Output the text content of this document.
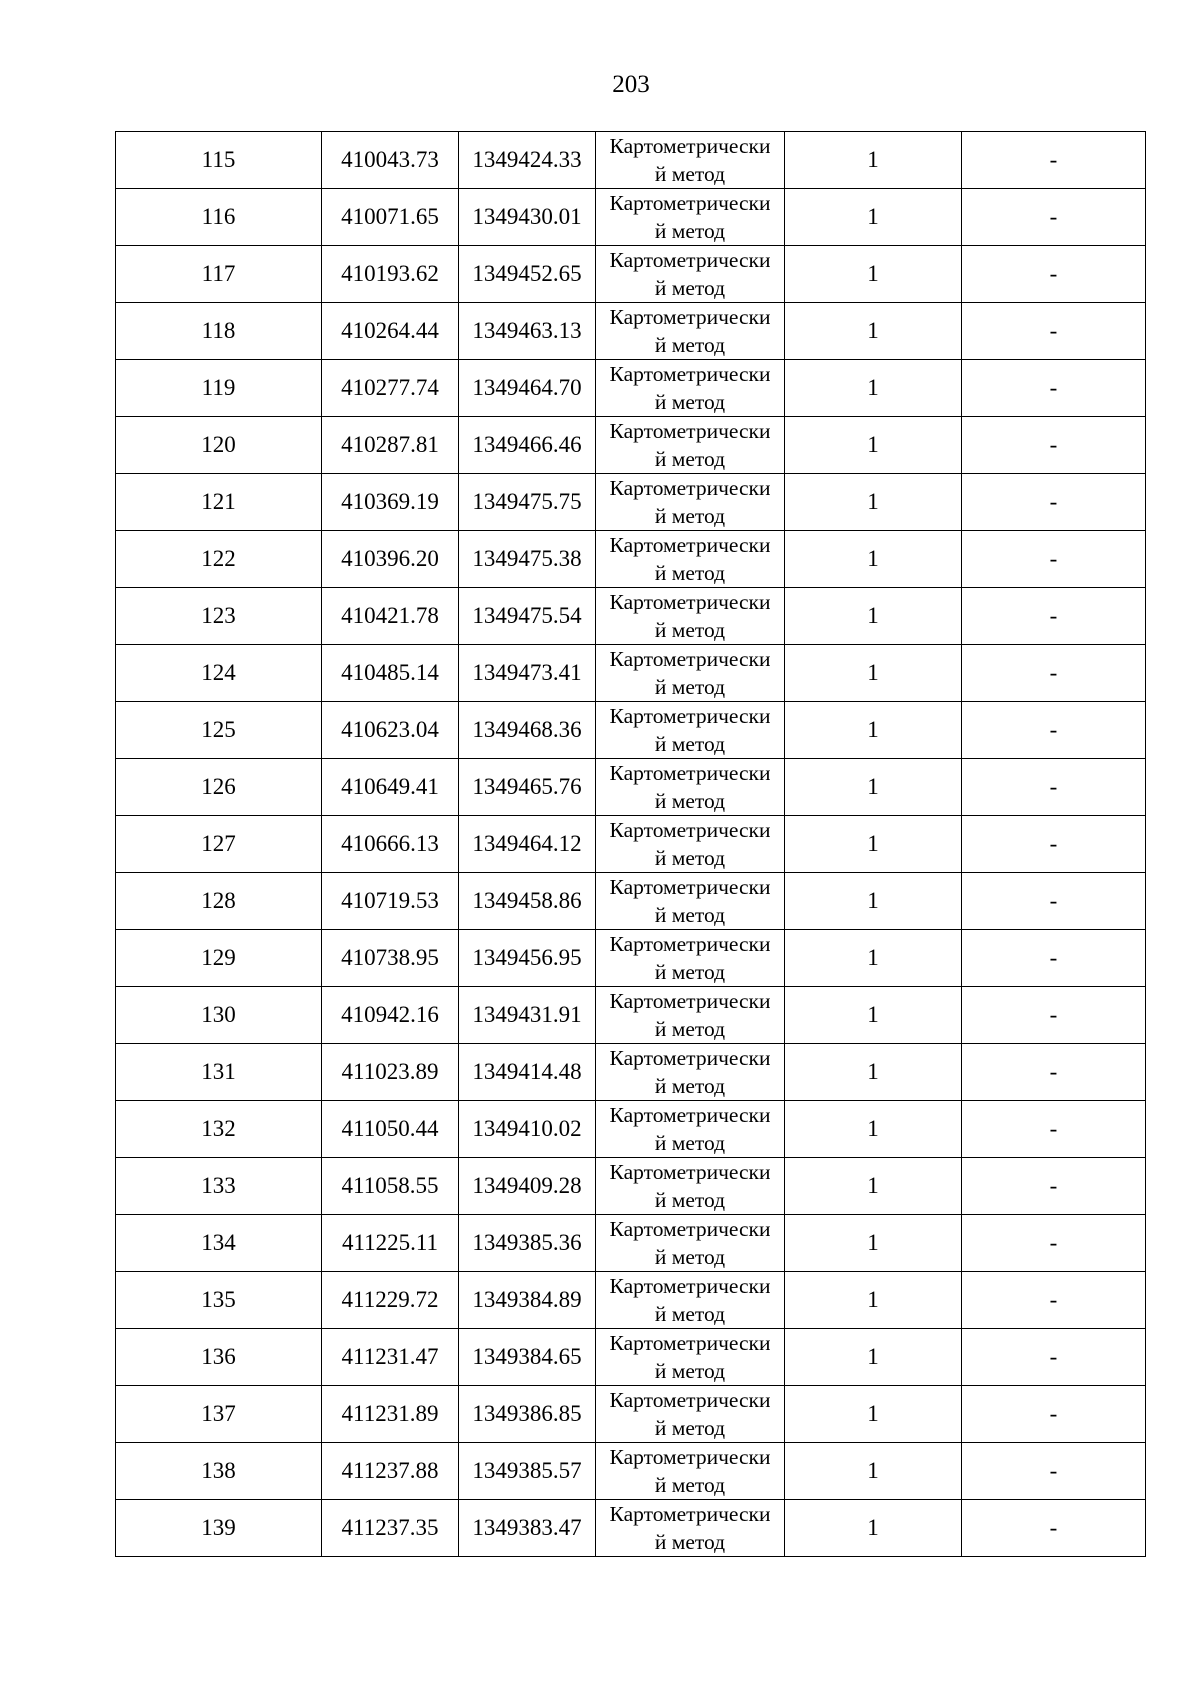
203
115	410043.73	1349424.33	Картометрически
й метод	1	-
116	410071.65	1349430.01	Картометрически
й метод	1	-
117	410193.62	1349452.65	Картометрически
й метод	1	-
118	410264.44	1349463.13	Картометрически
й метод	1	-
119	410277.74	1349464.70	Картометрически
й метод	1	-
120	410287.81	1349466.46	Картометрически
й метод	1	-
121	410369.19	1349475.75	Картометрически
й метод	1	-
122	410396.20	1349475.38	Картометрически
й метод	1	-
123	410421.78	1349475.54	Картометрически
й метод	1	-
124	410485.14	1349473.41	Картометрически
й метод	1	-
125	410623.04	1349468.36	Картометрически
й метод	1	-
126	410649.41	1349465.76	Картометрически
й метод	1	-
127	410666.13	1349464.12	Картометрически
й метод	1	-
128	410719.53	1349458.86	Картометрически
й метод	1	-
129	410738.95	1349456.95	Картометрически
й метод	1	-
130	410942.16	1349431.91	Картометрически
й метод	1	-
131	411023.89	1349414.48	Картометрически
й метод	1	-
132	411050.44	1349410.02	Картометрически
й метод	1	-
133	411058.55	1349409.28	Картометрически
й метод	1	-
134	411225.11	1349385.36	Картометрически
й метод	1	-
135	411229.72	1349384.89	Картометрически
й метод	1	-
136	411231.47	1349384.65	Картометрически
й метод	1	-
137	411231.89	1349386.85	Картометрически
й метод	1	-
138	411237.88	1349385.57	Картометрически
й метод	1	-
139	411237.35	1349383.47	Картометрически
й метод	1	-
